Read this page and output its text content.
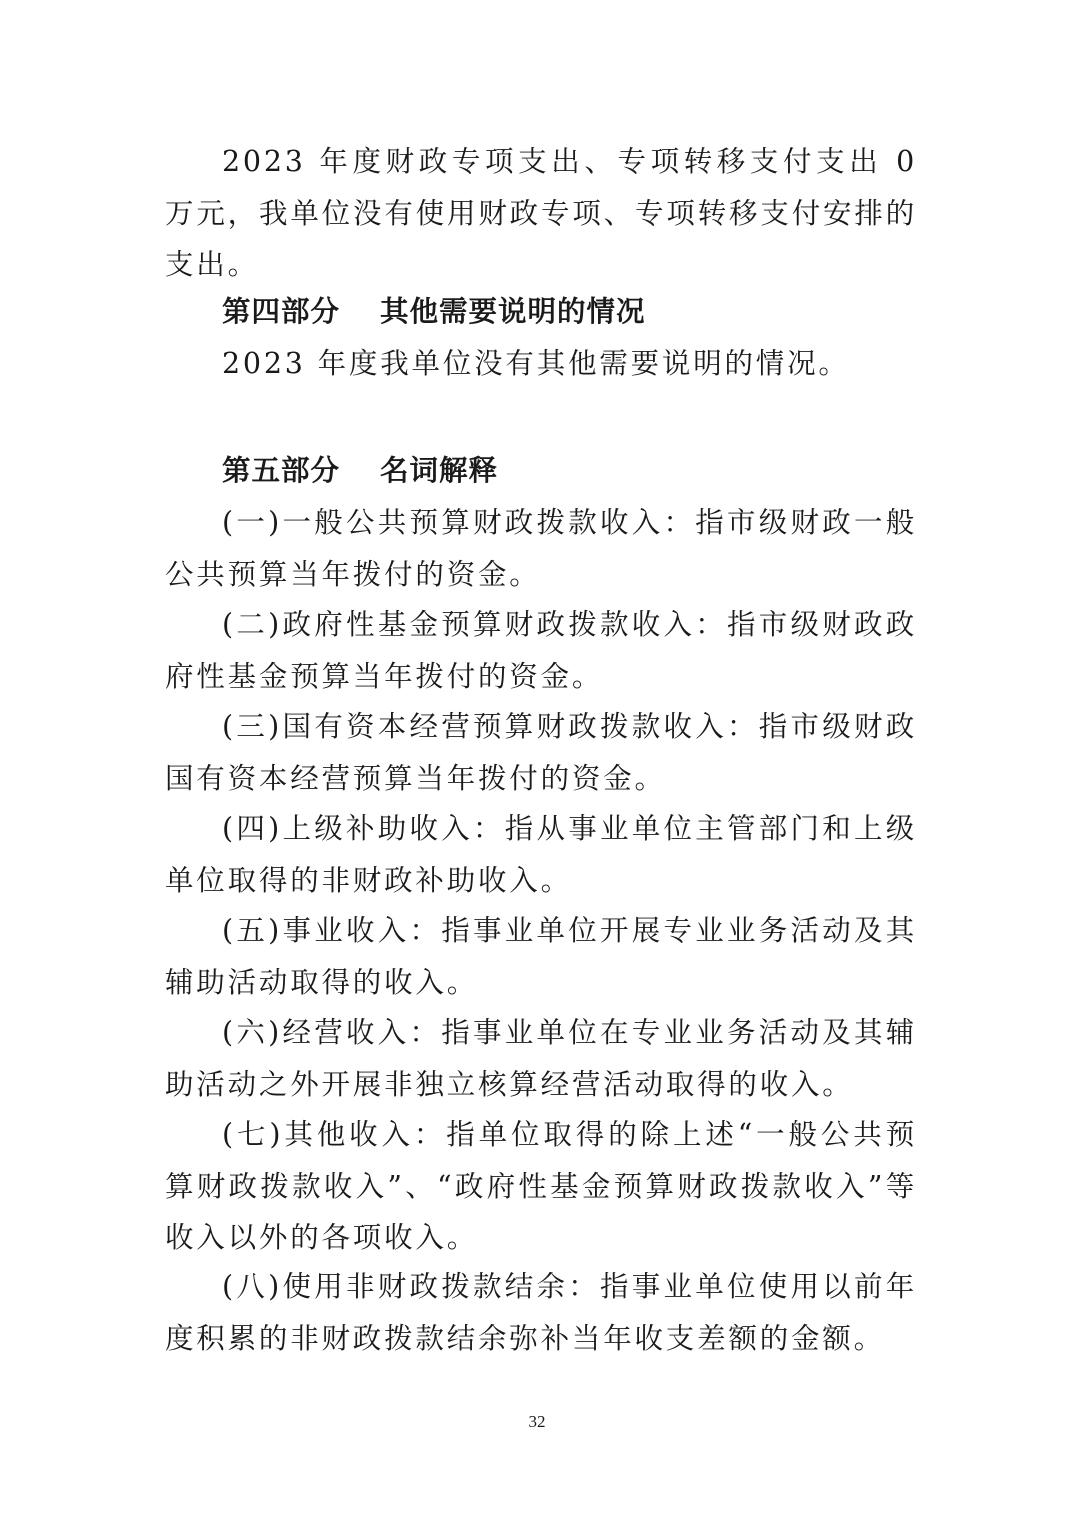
2023 年度财政专项支出、专项转移支付支出 0 万元，我单位没有使用财政专项、专项转移支付安排的支出。

第四部分 其他需要说明的情况

2023 年度我单位没有其他需要说明的情况。

第五部分 名词解释

(一)一般公共预算财政拨款收入：指市级财政一般公共预算当年拨付的资金。

(二)政府性基金预算财政拨款收入：指市级财政政府性基金预算当年拨付的资金。

(三)国有资本经营预算财政拨款收入：指市级财政国有资本经营预算当年拨付的资金。

(四)上级补助收入：指从事业单位主管部门和上级单位取得的非财政补助收入。

(五)事业收入：指事业单位开展专业业务活动及其辅助活动取得的收入。

(六)经营收入：指事业单位在专业业务活动及其辅助活动之外开展非独立核算经营活动取得的收入。

(七)其他收入：指单位取得的除上述“一般公共预算财政拨款收入”、“政府性基金预算财政拨款收入”等收入以外的各项收入。

(八)使用非财政拨款结余：指事业单位使用以前年度积累的非财政拨款结余弥补当年收支差额的金额。

32
